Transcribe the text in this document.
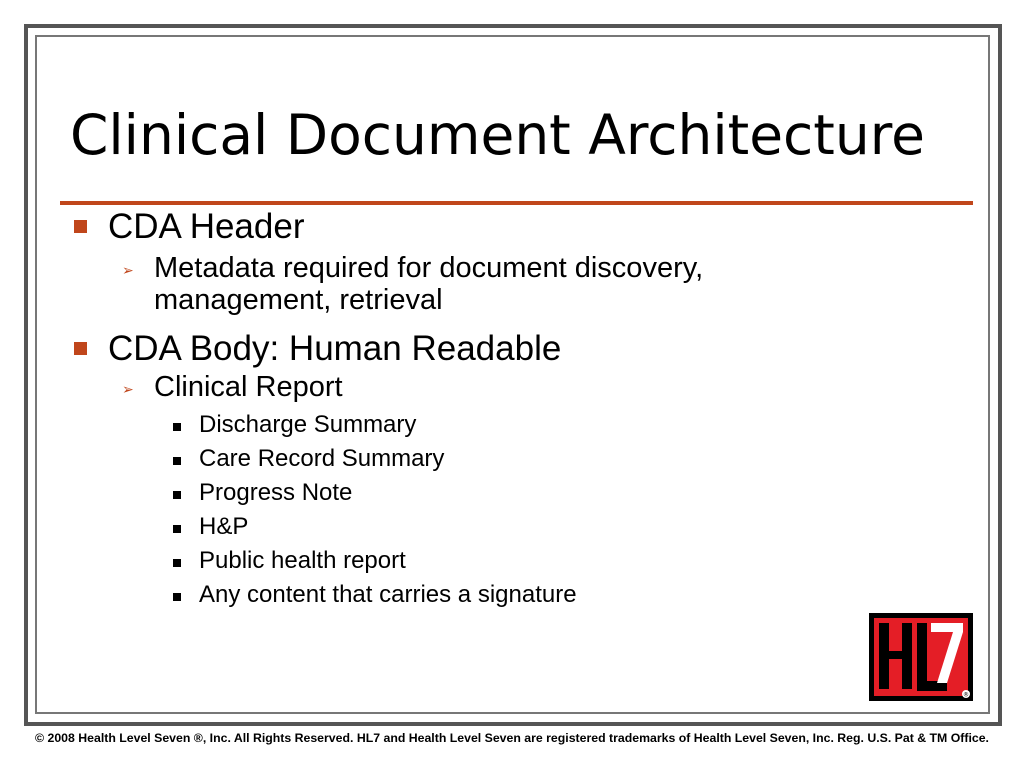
Clinical Document Architecture
CDA Header
➢ Metadata required for document discovery,
management, retrieval
CDA Body: Human Readable
➢ Clinical Report
Discharge Summary
Care Record Summary
Progress Note
H&P
Public health report
Any content that carries a signature
®
© 2008 Health Level Seven ®, Inc. All Rights Reserved. HL7 and Health Level Seven are registered trademarks of Health Level Seven, Inc. Reg. U.S. Pat & TM Office.
